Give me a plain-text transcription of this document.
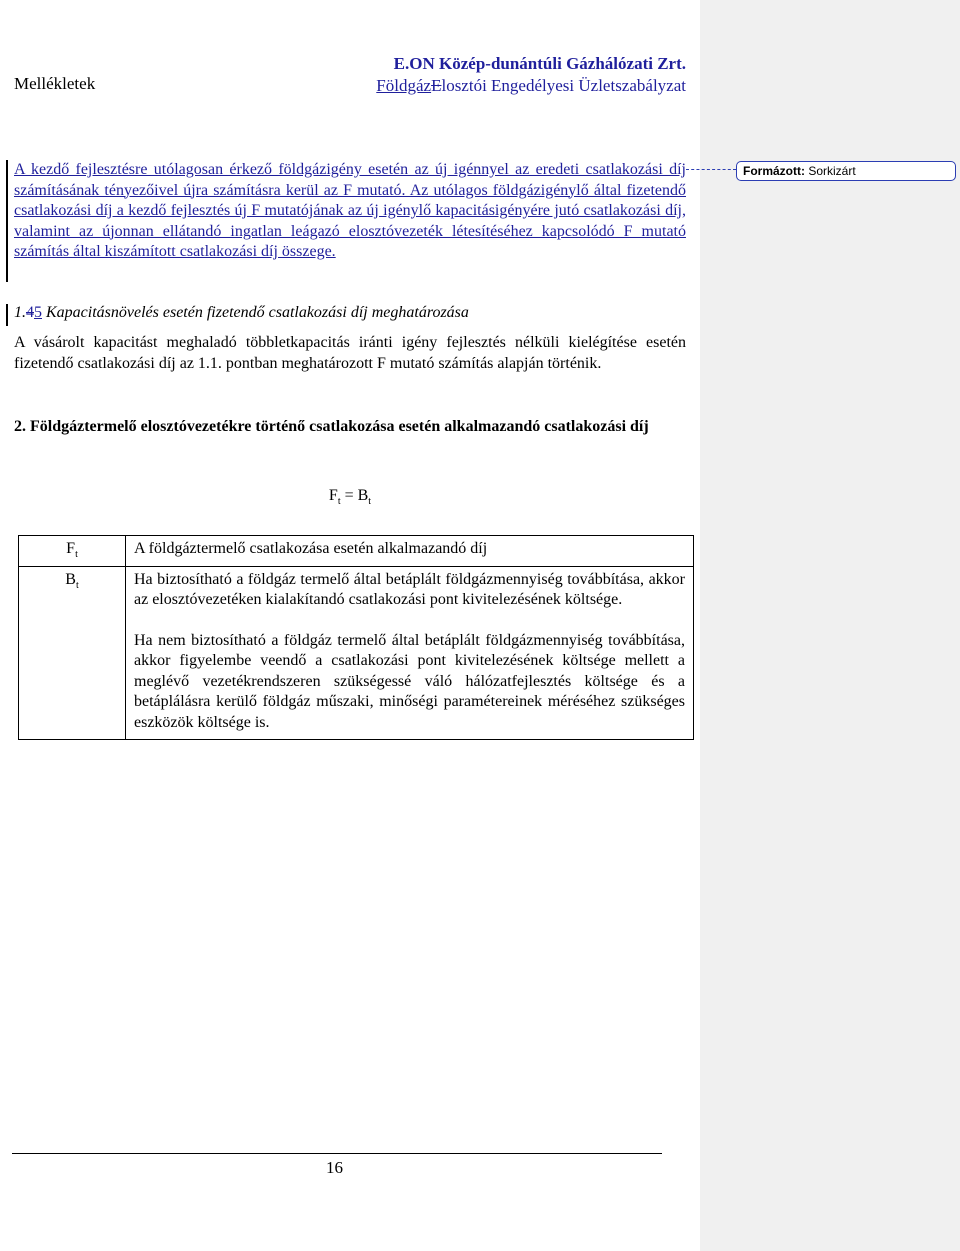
Mellékletek
E.ON Közép-dunántúli Gázhálózati Zrt.
FöldgázElosztói Engedélyesi Üzletszabályzat
A kezdő fejlesztésre utólagosan érkező földgázigény esetén az új igénnyel az eredeti csatlakozási díj számításának tényezőivel újra számításra kerül az F mutató. Az utólagos földgázigénylő által fizetendő csatlakozási díj a kezdő fejlesztés új F mutatójának az új igénylő kapacitásigényére jutó csatlakozási díj, valamint az újonnan ellátandó ingatlan leágazó elosztóvezeték létesítéséhez kapcsolódó F mutató számítás által kiszámított csatlakozási díj összege.
1.45 Kapacitásnövelés esetén fizetendő csatlakozási díj meghatározása
A vásárolt kapacitást meghaladó többletkapacitás iránti igény fejlesztés nélküli kielégítése esetén fizetendő csatlakozási díj az 1.1. pontban meghatározott F mutató számítás alapján történik.
2. Földgáztermelő elosztóvezetékre történő csatlakozása esetén alkalmazandó csatlakozási díj
$F_t = B_t$
$F_t$	A földgáztermelő csatlakozása esetén alkalmazandó díj

$B_t$	Ha biztosítható a földgáz termelő által betáplált földgázmennyiség továbbítása, akkor az elosztóvezetéken kialakítandó csatlakozási pont kivitelezésének költsége.
Ha nem biztosítható a földgáz termelő által betáplált földgázmennyiség továbbítása, akkor figyelembe veendő a csatlakozási pont kivitelezésének költsége mellett a meglévő vezetékrendszeren szükségessé váló hálózatfejlesztés költsége és a betáplálásra kerülő földgáz műszaki, minőségi paramétereinek méréséhez szükséges eszközök költsége is.
16
Formázott: Sorkizárt
